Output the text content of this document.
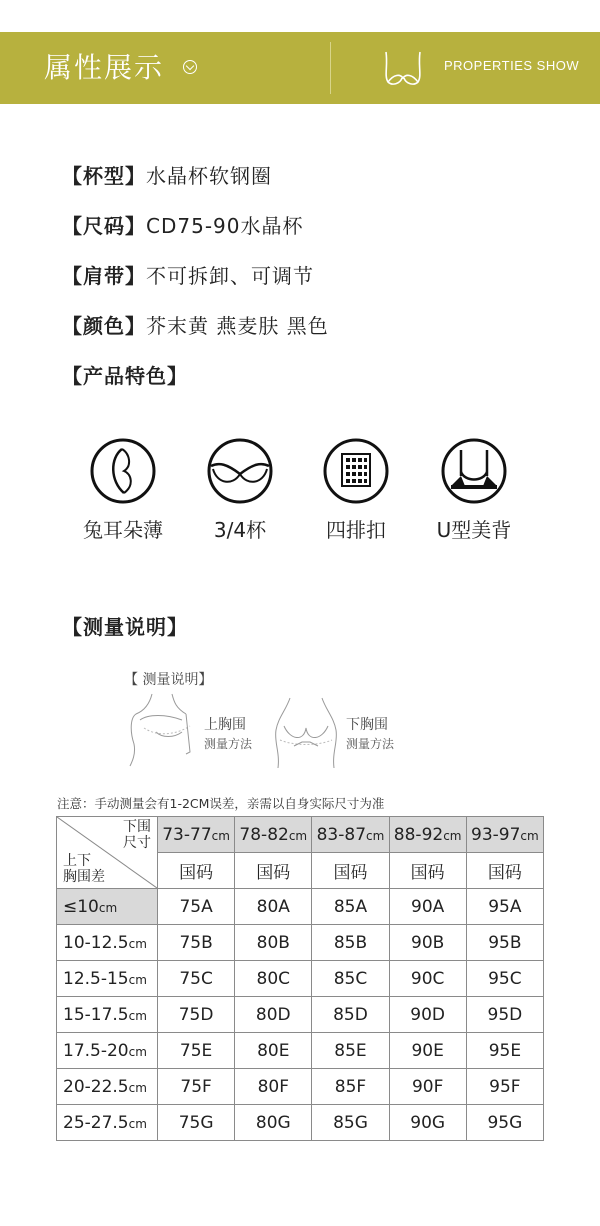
属性展示	PROPERTIES SHOW
【杯型】水晶杯软钢圈
【尺码】CD75-90水晶杯
【肩带】不可拆卸、可调节
【颜色】芥末黄 燕麦肤 黑色
【产品特色】
兔耳朵薄	3/4杯	四排扣	U型美背
【测量说明】
【 测量说明】
上胸围
测量方法
下胸围
测量方法
注意：手动测量会有1-2CM误差，亲需以自身实际尺寸为准
下围
尺寸
上下
胸围差	73-77cm	78-82cm	83-87cm	88-92cm	93-97cm
	国码	国码	国码	国码	国码
≤10cm	75A	80A	85A	90A	95A
10-12.5cm	75B	80B	85B	90B	95B
12.5-15cm	75C	80C	85C	90C	95C
15-17.5cm	75D	80D	85D	90D	95D
17.5-20cm	75E	80E	85E	90E	95E
20-22.5cm	75F	80F	85F	90F	95F
25-27.5cm	75G	80G	85G	90G	95G
